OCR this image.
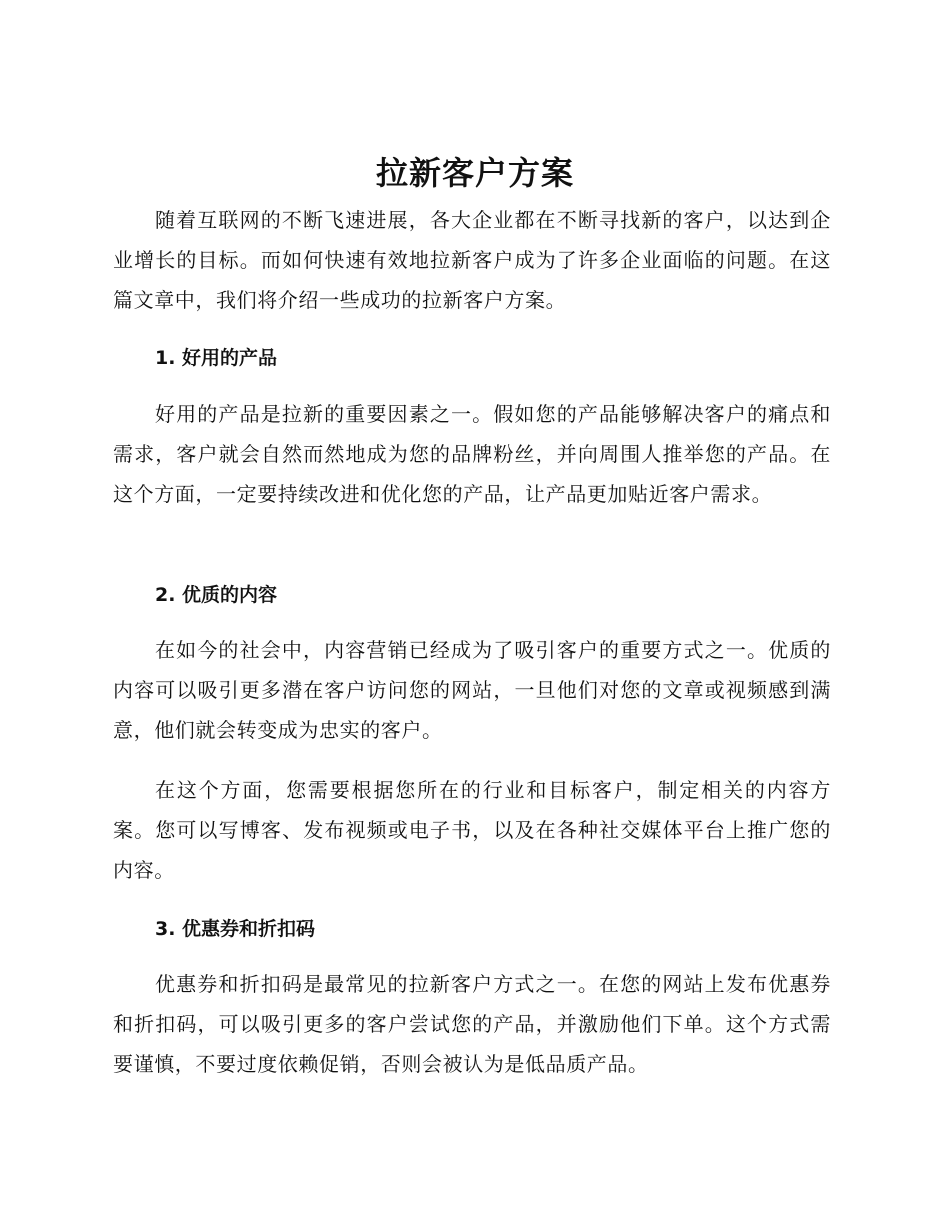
拉新客户方案

随着互联网的不断飞速进展，各大企业都在不断寻找新的客户，以达到企业增长的目标。而如何快速有效地拉新客户成为了许多企业面临的问题。在这篇文章中，我们将介绍一些成功的拉新客户方案。

1. 好用的产品

好用的产品是拉新的重要因素之一。假如您的产品能够解决客户的痛点和需求，客户就会自然而然地成为您的品牌粉丝，并向周围人推举您的产品。在这个方面，一定要持续改进和优化您的产品，让产品更加贴近客户需求。

2. 优质的内容

在如今的社会中，内容营销已经成为了吸引客户的重要方式之一。优质的内容可以吸引更多潜在客户访问您的网站，一旦他们对您的文章或视频感到满意，他们就会转变成为忠实的客户。

在这个方面，您需要根据您所在的行业和目标客户，制定相关的内容方案。您可以写博客、发布视频或电子书，以及在各种社交媒体平台上推广您的内容。

3. 优惠券和折扣码

优惠券和折扣码是最常见的拉新客户方式之一。在您的网站上发布优惠券和折扣码，可以吸引更多的客户尝试您的产品，并激励他们下单。这个方式需要谨慎，不要过度依赖促销，否则会被认为是低品质产品。
